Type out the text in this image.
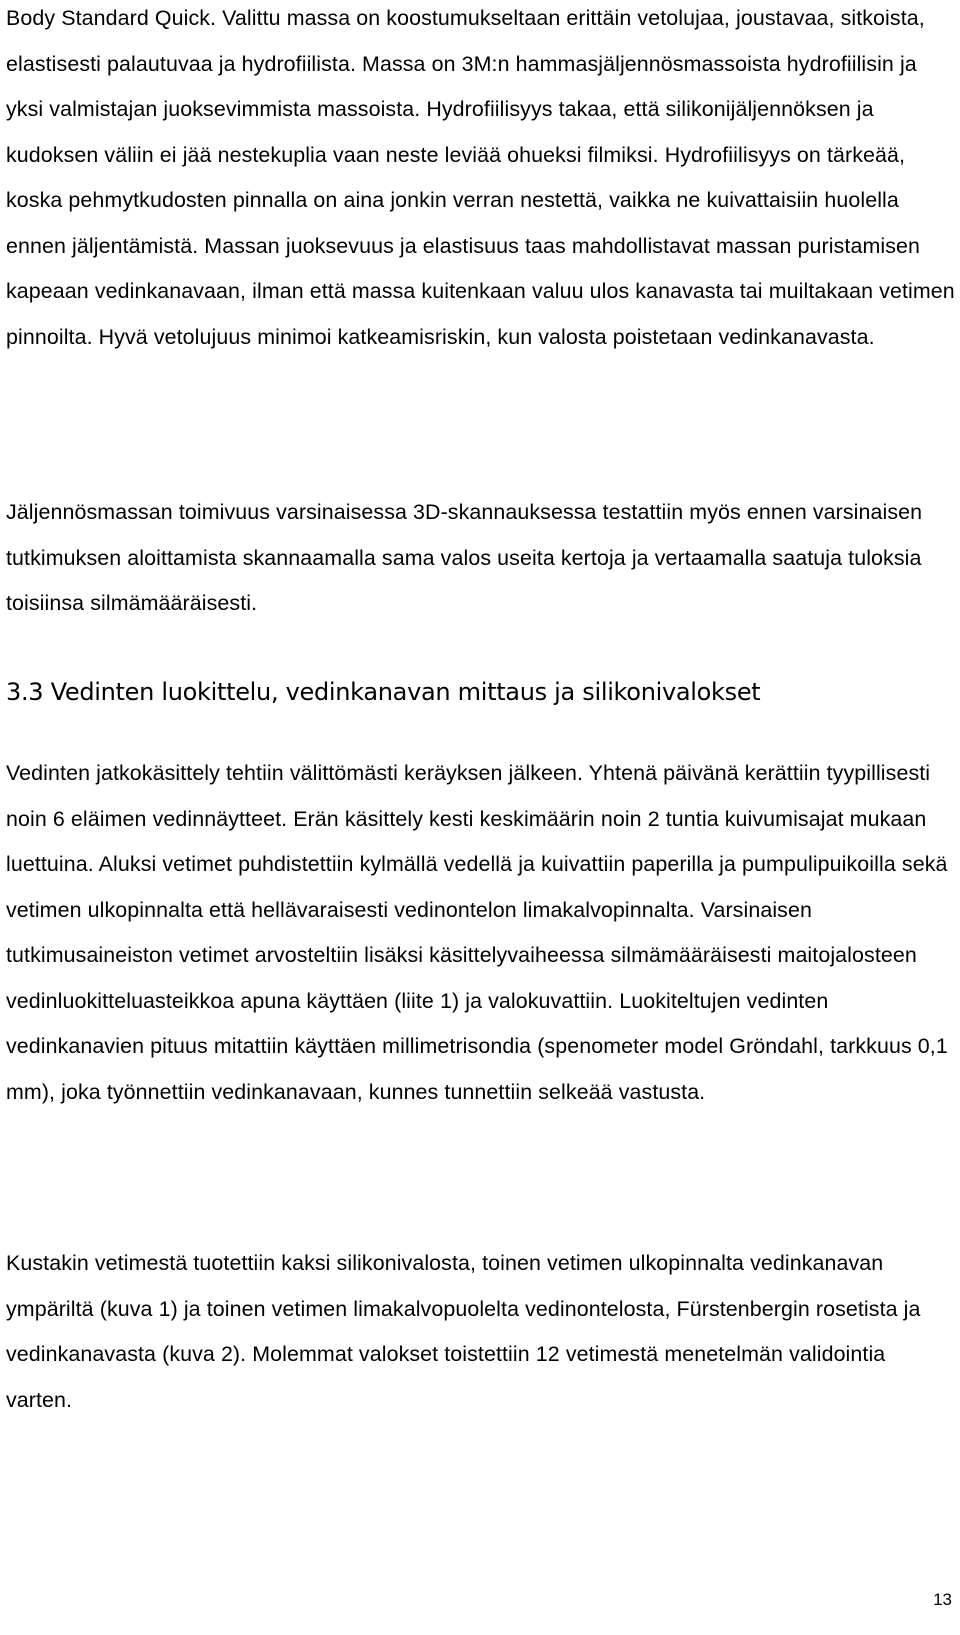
Body Standard Quick. Valittu massa on koostumukseltaan erittäin vetolujaa, joustavaa, sitkoista, elastisesti palautuvaa ja hydrofiilista. Massa on 3M:n hammasjäljennösmassoista hydrofiilisin ja yksi valmistajan juoksevimmista massoista. Hydrofiilisyys takaa, että silikonijäljennöksen ja kudoksen väliin ei jää nestekuplia vaan neste leviää ohueksi filmiksi. Hydrofiilisyys on tärkeää, koska pehmytkudosten pinnalla on aina jonkin verran nestettä, vaikka ne kuivattaisiin huolella ennen jäljentämistä. Massan juoksevuus ja elastisuus taas mahdollistavat massan puristamisen kapeaan vedinkanavaan, ilman että massa kuitenkaan valuu ulos kanavasta tai muiltakaan vetimen pinnoilta. Hyvä vetolujuus minimoi katkeamisriskin, kun valosta poistetaan vedinkanavasta.

Jäljennösmassan toimivuus varsinaisessa 3D-skannauksessa testattiin myös ennen varsinaisen tutkimuksen aloittamista skannaamalla sama valos useita kertoja ja vertaamalla saatuja tuloksia toisiinsa silmämääräisesti.

3.3 Vedinten luokittelu, vedinkanavan mittaus ja silikonivalokset

Vedinten jatkokäsittely tehtiin välittömästi keräyksen jälkeen. Yhtenä päivänä kerättiin tyypillisesti noin 6 eläimen vedinnäytteet. Erän käsittely kesti keskimäärin noin 2 tuntia kuivumisajat mukaan luettuina. Aluksi vetimet puhdistettiin kylmällä vedellä ja kuivattiin paperilla ja pumpulipuikoilla sekä vetimen ulkopinnalta että hellävaraisesti vedinontelon limakalvopinnalta. Varsinaisen tutkimusaineiston vetimet arvosteltiin lisäksi käsittelyvaiheessa silmämääräisesti maitojalosteen vedinluokitteluasteikkoa apuna käyttäen (liite 1) ja valokuvattiin. Luokiteltujen vedinten vedinkanavien pituus mitattiin käyttäen millimetrisondia (spenometer model Gröndahl, tarkkuus 0,1 mm), joka työnnettiin vedinkanavaan, kunnes tunnettiin selkeää vastusta.

Kustakin vetimestä tuotettiin kaksi silikonivalosta, toinen vetimen ulkopinnalta vedinkanavan ympäriltä (kuva 1) ja toinen vetimen limakalvopuolelta vedinontelosta, Fürstenbergin rosetista ja vedinkanavasta (kuva 2). Molemmat valokset toistettiin 12 vetimestä menetelmän validointia varten.

13
